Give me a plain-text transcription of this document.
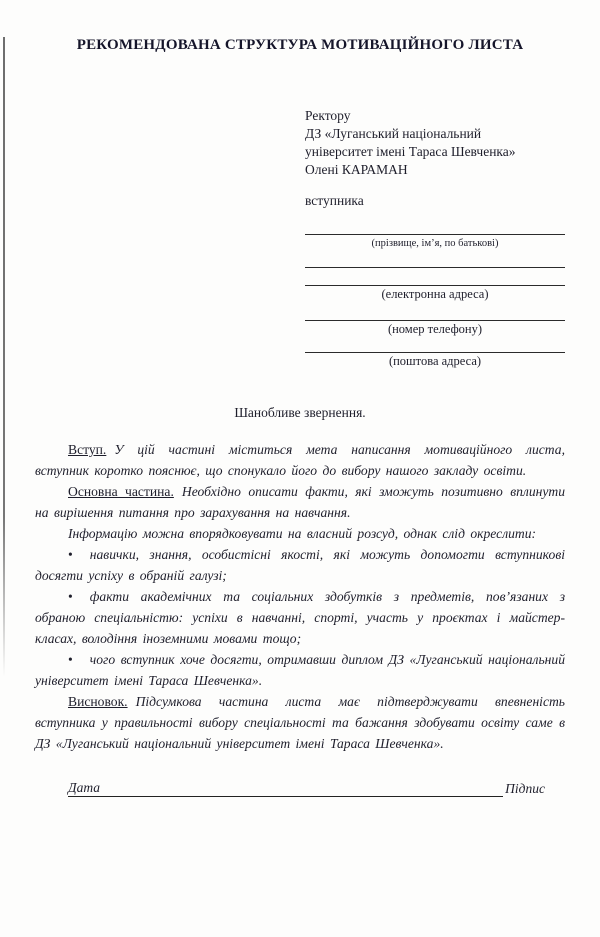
РЕКОМЕНДОВАНА СТРУКТУРА МОТИВАЦІЙНОГО ЛИСТА
Ректору
ДЗ «Луганський національний
університет імені Тараса Шевченка»
Олені КАРАМАН
вступника
(прізвище, ім’я, по батькові)
(електронна адреса)
(номер телефону)
(поштова адреса)
Шанобливе звернення.

Вступ. У цій частині міститься мета написання мотиваційного листа, вступник коротко пояснює, що спонукало його до вибору нашого закладу освіти.

Основна частина. Необхідно описати факти, які зможуть позитивно вплинути на вирішення питання про зарахування на навчання.

Інформацію можна впорядковувати на власний розсуд, однак слід окреслити:

• навички, знання, особистісні якості, які можуть допомогти вступникові досягти успіху в обраній галузі;

• факти академічних та соціальних здобутків з предметів, пов’язаних з обраною спеціальністю: успіхи в навчанні, спорті, участь у проєктах і майстер-класах, володіння іноземними мовами тощо;

• чого вступник хоче досягти, отримавши диплом ДЗ «Луганський національний університет імені Тараса Шевченка».

Висновок. Підсумкова частина листа має підтверджувати впевненість вступника у правильності вибору спеціальності та бажання здобувати освіту саме в ДЗ «Луганський національний університет імені Тараса Шевченка».

Дата	Підпис
